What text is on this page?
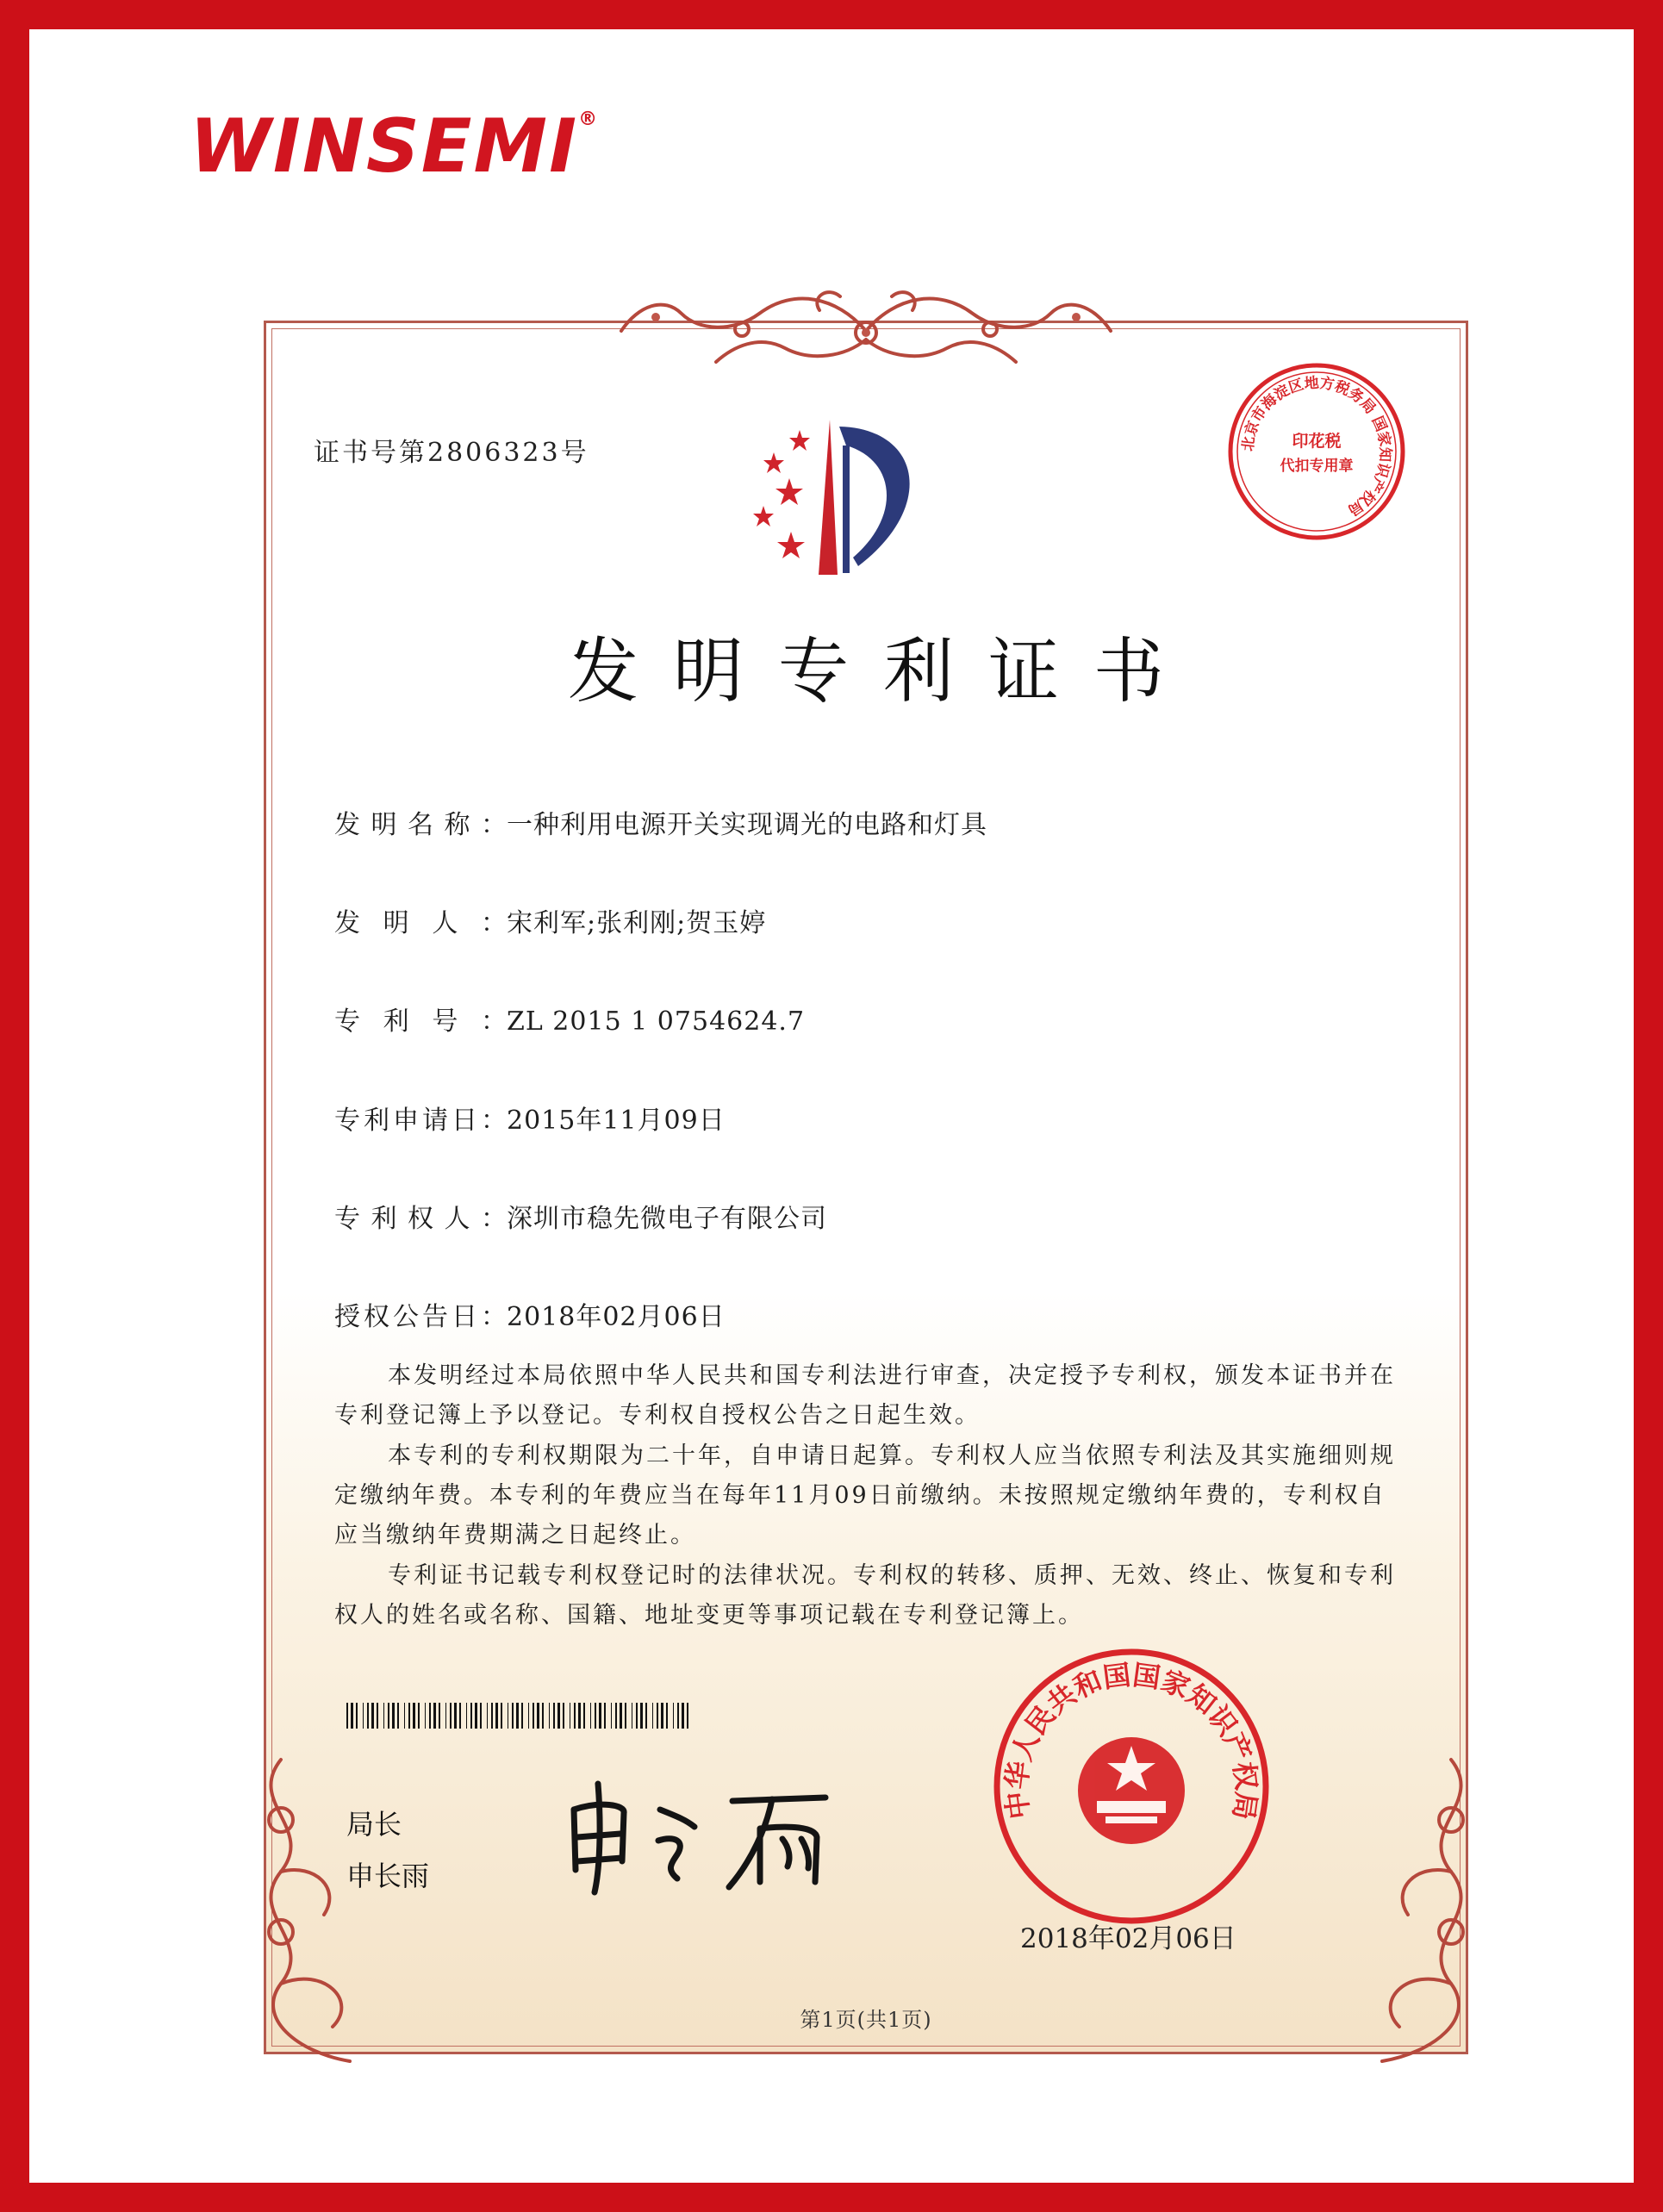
WINSEMI®
证书号第2806323号	北京市海淀区地方税务局 国家知识产权局
印花税
代扣专用章
发明专利证书
发明名称：一种利用电源开关实现调光的电路和灯具
发明人：宋利军;张利刚;贺玉婷
专利号：ZL 2015 1 0754624.7
专利申请日：2015年11月09日
专利权人：深圳市稳先微电子有限公司
授权公告日：2018年02月06日
本发明经过本局依照中华人民共和国专利法进行审查，决定授予专利权，颁发本证书并在专利登记簿上予以登记。专利权自授权公告之日起生效。
本专利的专利权期限为二十年，自申请日起算。专利权人应当依照专利法及其实施细则规定缴纳年费。本专利的年费应当在每年11月09日前缴纳。未按照规定缴纳年费的，专利权自应当缴纳年费期满之日起终止。
专利证书记载专利权登记时的法律状况。专利权的转移、质押、无效、终止、恢复和专利权人的姓名或名称、国籍、地址变更等事项记载在专利登记簿上。
局长
申长雨
中华人民共和国国家知识产权局
2018年02月06日
第1页(共1页)
